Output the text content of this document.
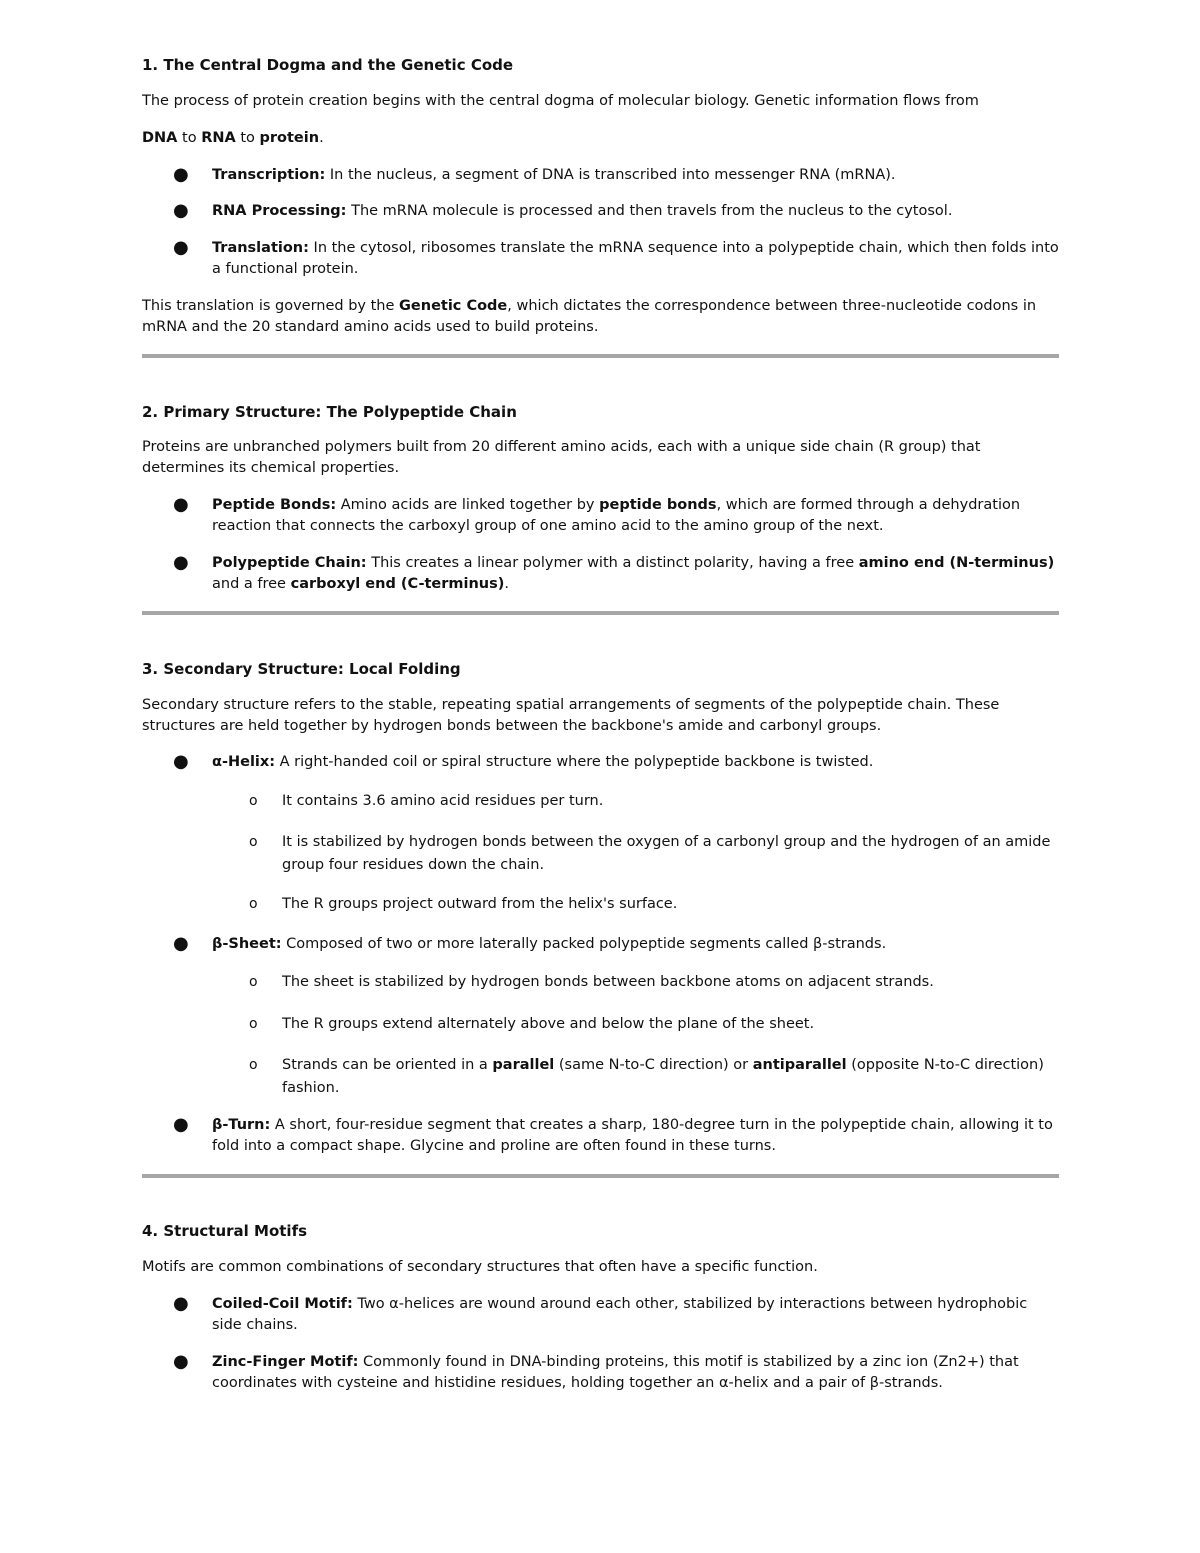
1. The Central Dogma and the Genetic Code

The process of protein creation begins with the central dogma of molecular biology. Genetic information flows from

DNA to RNA to protein.

● Transcription: In the nucleus, a segment of DNA is transcribed into messenger RNA (mRNA).

● RNA Processing: The mRNA molecule is processed and then travels from the nucleus to the cytosol.

● Translation: In the cytosol, ribosomes translate the mRNA sequence into a polypeptide chain, which then folds into a functional protein.

This translation is governed by the Genetic Code, which dictates the correspondence between three-nucleotide codons in mRNA and the 20 standard amino acids used to build proteins.

2. Primary Structure: The Polypeptide Chain

Proteins are unbranched polymers built from 20 different amino acids, each with a unique side chain (R group) that determines its chemical properties.

● Peptide Bonds: Amino acids are linked together by peptide bonds, which are formed through a dehydration reaction that connects the carboxyl group of one amino acid to the amino group of the next.

● Polypeptide Chain: This creates a linear polymer with a distinct polarity, having a free amino end (N-terminus) and a free carboxyl end (C-terminus).

3. Secondary Structure: Local Folding

Secondary structure refers to the stable, repeating spatial arrangements of segments of the polypeptide chain. These structures are held together by hydrogen bonds between the backbone's amide and carbonyl groups.

● α-Helix: A right-handed coil or spiral structure where the polypeptide backbone is twisted.

o It contains 3.6 amino acid residues per turn.

o It is stabilized by hydrogen bonds between the oxygen of a carbonyl group and the hydrogen of an amide group four residues down the chain.

o The R groups project outward from the helix's surface.

● β-Sheet: Composed of two or more laterally packed polypeptide segments called β-strands.

o The sheet is stabilized by hydrogen bonds between backbone atoms on adjacent strands.

o The R groups extend alternately above and below the plane of the sheet.

o Strands can be oriented in a parallel (same N-to-C direction) or antiparallel (opposite N-to-C direction) fashion.

● β-Turn: A short, four-residue segment that creates a sharp, 180-degree turn in the polypeptide chain, allowing it to fold into a compact shape. Glycine and proline are often found in these turns.

4. Structural Motifs

Motifs are common combinations of secondary structures that often have a specific function.

● Coiled-Coil Motif: Two α-helices are wound around each other, stabilized by interactions between hydrophobic side chains.

● Zinc-Finger Motif: Commonly found in DNA-binding proteins, this motif is stabilized by a zinc ion (Zn2+) that coordinates with cysteine and histidine residues, holding together an α-helix and a pair of β-strands.
